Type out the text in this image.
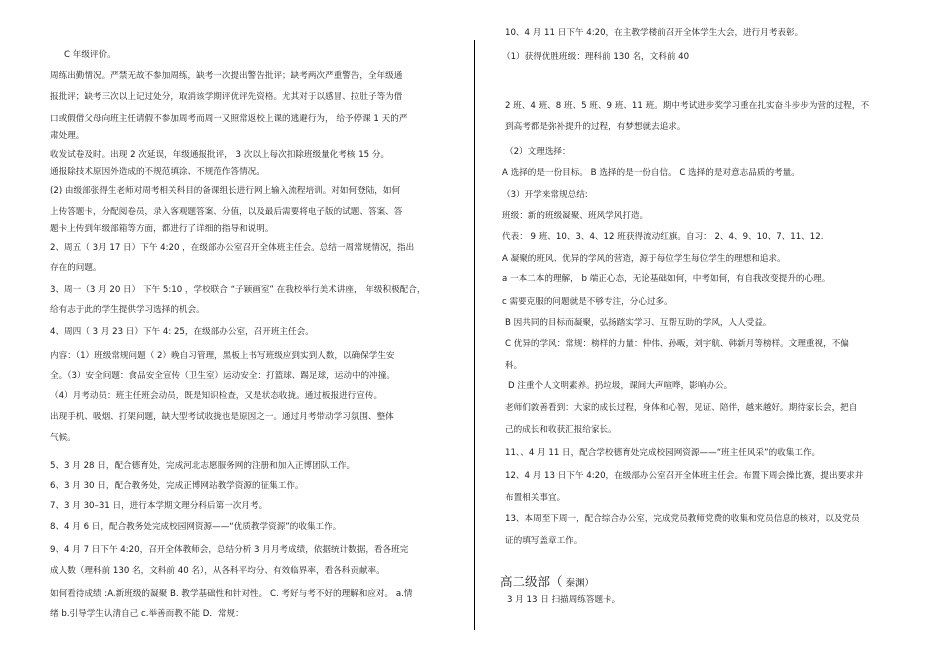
C 年级评价。
周练出勤情况。严禁无故不参加周练，缺考一次提出警告批评；缺考两次严重警告，全年级通
报批评；缺考三次以上记过处分，取消该学期评优评先资格。尤其对于以感冒、拉肚子等为借
口或假借父母向班主任请假不参加周考而周一又照常返校上课的逃避行为， 给予停课 1 天的严
肃处理。
收发试卷及时。出现 2 次延误，年级通报批评， 3 次以上每次扣除班级量化考核 15 分。
通报除技术原因外造成的不规范填涂、不规范作答情况。
(2) 由级部张得生老师对周考相关科目的备课组长进行网上输入流程培训。对如何登陆，如何
上传答题卡，分配阅卷员，录入客观题答案、分值，以及最后需要将电子版的试题、答案、答
题卡上传到年级部箱等方面，都进行了详细的指导和说明。
2、周五（ 3月 17 日）下午 4:20 ，在级部办公室召开全体班主任会。总结一周常规情况，指出
存在的问题。
3、周一（3 月 20 日） 下午 5:10 ，学校联合 “子颖画室” 在我校举行美术讲座， 年级积极配合，
给有志于此的学生提供学习选择的机会。
4、周四（ 3 月 23 日）下午 4: 25，在级部办公室，召开班主任会。
内容：（1）班级常规问题（ 2）晚自习管理，黑板上书写班级应到实到人数，以确保学生安
全。（3）安全问题：食品安全宣传（卫生室）运动安全：打篮球、踢足球，运动中的冲撞。
（4）月考动员：班主任班会动员，既是知识检查，又是状态收拢。通过板报进行宣传。
出现手机、吸烟、打架问题，缺大型考试收拢也是原因之一。通过月考带动学习氛围、整体
气候。
5、3 月 28 日，配合德育处，完成河北志愿服务网的注册和加入正博团队工作。
6、3 月 30 日，配合教务处，完成正博网站教学资源的征集工作。
7、3 月 30–31 日，进行本学期文理分科后第一次月考。
8、4 月 6 日，配合教务处完成校园网资源——“优质教学资源”的收集工作。
9、4 月 7 日下午 4:20，召开全体教师会，总结分析 3 月月考成绩，依据统计数据，看各班完
成人数（理科前 130 名，文科前 40 名），从各科平均分、有效临界率，看各科贡献率。
如何看待成绩 :A.新班级的凝聚 B. 教学基础性和针对性。 C. 考好与考不好的理解和应对。 a.情
绪 b.引导学生认清自己 c.举善而教不能 D．常规：
10、4 月 11 日下午 4:20，在主教学楼前召开全体学生大会，进行月考表彰。
（1）获得优胜班级：理科前 130 名，文科前 40
2 班、4 班、8 班、5 班、9 班、11 班。期中考试进步奖学习重在扎实奋斗步步为营的过程，不
到高考都是弥补提升的过程，有梦想就去追求。
（2）文理选择：
A 选择的是一份目标。 B 选择的是一份自信。 C 选择的是对意志品质的考量。
（3）开学来常规总结:
班级：新的班级凝聚、班风学风打造。
代表： 9 班、10、3、4、12 班获得流动红旗。自习： 2、4、9、10、7、11、12.
A 凝聚的班风、优异的学风的营造，源于每位学生每位学生的理想和追求。
a 一本二本的理解， b 端正心态，无论基础如何，中考如何，有自我改变提升的心理。
c 需要克服的问题就是不够专注，分心过多。
B 因共同的目标而凝聚，弘扬踏实学习、互帮互助的学风，人人受益。
C 优异的学风：常规：榜样的力量：仲伟、孙畈，刘宇航、韩新月等榜样。文理重视，不偏
科。
D 注重个人文明素养。扔垃圾，课间大声喧哗，影响办公。
老师们敦善看到：大家的成长过程，身体和心智，见证、陪伴，越来越好。期待家长会，把自
己的成长和收获汇报给家长。
11、、4 月 11 日，配合学校德育处完成校园网资源——“班主任风采”的收集工作。
12、4 月 13 日下午 4:20，在级部办公室召开全体班主任会。布置下周会操比赛，提出要求并
布置相关事宜。
13、本周至下周一，配合综合办公室，完成党员教师党费的收集和党员信息的核对，以及党员
证的填写盖章工作。
高二级部（ 秦渊）
3 月 13 日 扫描周练答题卡。
